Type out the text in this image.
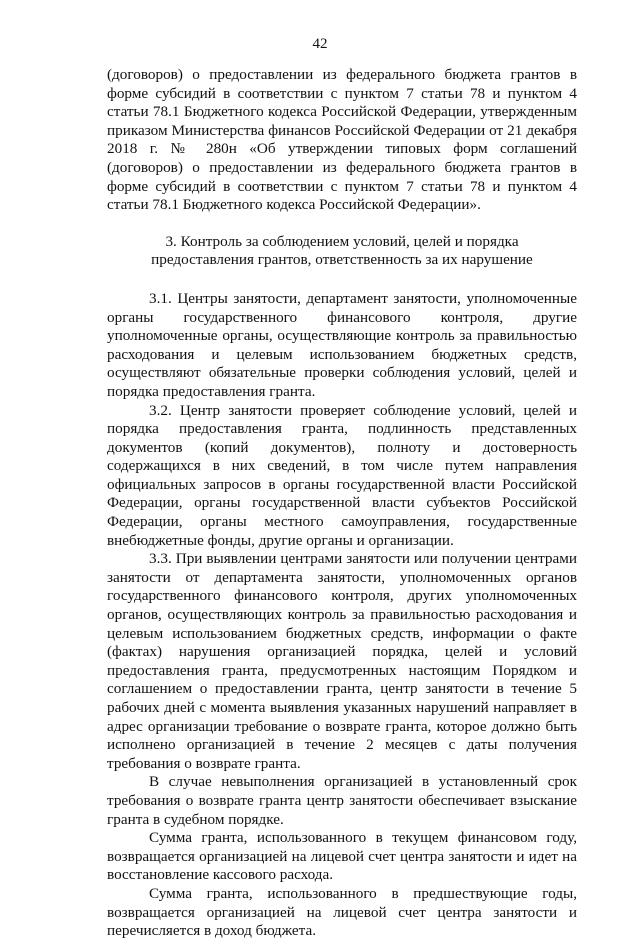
42

(договоров) о предоставлении из федерального бюджета грантов в форме субсидий в соответствии с пунктом 7 статьи 78 и пунктом 4 статьи 78.1 Бюджетного кодекса Российской Федерации, утвержденным приказом Министерства финансов Российской Федерации от 21 декабря 2018 г. № 280н «Об утверждении типовых форм соглашений (договоров) о предоставлении из федерального бюджета грантов в форме субсидий в соответствии с пунктом 7 статьи 78 и пунктом 4 статьи 78.1 Бюджетного кодекса Российской Федерации».

3. Контроль за соблюдением условий, целей и порядка предоставления грантов, ответственность за их нарушение

3.1. Центры занятости, департамент занятости, уполномоченные органы государственного финансового контроля, другие уполномоченные органы, осуществляющие контроль за правильностью расходования и целевым использованием бюджетных средств, осуществляют обязательные проверки соблюдения условий, целей и порядка предоставления гранта.

3.2. Центр занятости проверяет соблюдение условий, целей и порядка предоставления гранта, подлинность представленных документов (копий документов), полноту и достоверность содержащихся в них сведений, в том числе путем направления официальных запросов в органы государственной власти Российской Федерации, органы государственной власти субъектов Российской Федерации, органы местного самоуправления, государственные внебюджетные фонды, другие органы и организации.

3.3. При выявлении центрами занятости или получении центрами занятости от департамента занятости, уполномоченных органов государственного финансового контроля, других уполномоченных органов, осуществляющих контроль за правильностью расходования и целевым использованием бюджетных средств, информации о факте (фактах) нарушения организацией порядка, целей и условий предоставления гранта, предусмотренных настоящим Порядком и соглашением о предоставлении гранта, центр занятости в течение 5 рабочих дней с момента выявления указанных нарушений направляет в адрес организации требование о возврате гранта, которое должно быть исполнено организацией в течение 2 месяцев с даты получения требования о возврате гранта.

В случае невыполнения организацией в установленный срок требования о возврате гранта центр занятости обеспечивает взыскание гранта в судебном порядке.

Сумма гранта, использованного в текущем финансовом году, возвращается организацией на лицевой счет центра занятости и идет на восстановление кассового расхода.

Сумма гранта, использованного в предшествующие годы, возвращается организацией на лицевой счет центра занятости и перечисляется в доход бюджета.
